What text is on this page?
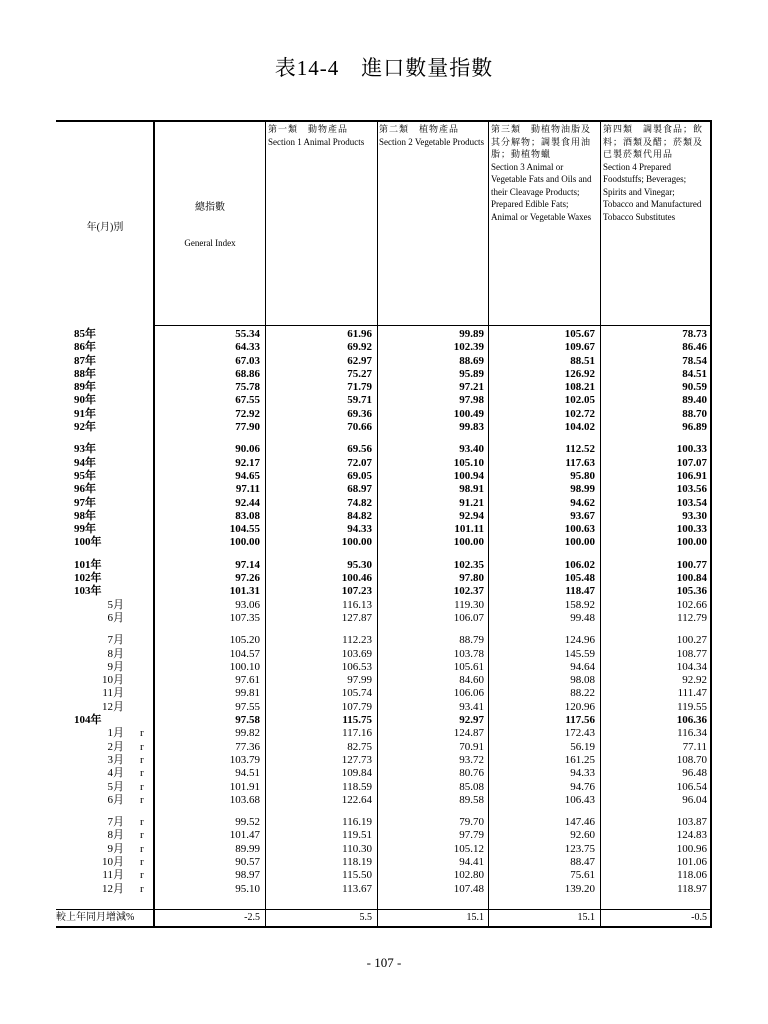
表14-4　進口數量指數
年(月)別
總指數
General Index
第一類　動物產品
Section 1 Animal Products
第二類　植物產品
Section 2 Vegetable Products
第三類　動植物油脂及其分解物；調製食用油脂；動植物蠟
Section 3 Animal or Vegetable Fats and Oils and their Cleavage Products; Prepared Edible Fats; Animal or Vegetable Waxes
第四類　調製食品；飲料；酒類及醋；菸類及已製菸類代用品
Section 4 Prepared Foodstuffs; Beverages; Spirits and Vinegar; Tobacco and Manufactured Tobacco Substitutes
85年	55.34	61.96	99.89	105.67	78.73
86年	64.33	69.92	102.39	109.67	86.46
87年	67.03	62.97	88.69	88.51	78.54
88年	68.86	75.27	95.89	126.92	84.51
89年	75.78	71.79	97.21	108.21	90.59
90年	67.55	59.71	97.98	102.05	89.40
91年	72.92	69.36	100.49	102.72	88.70
92年	77.90	70.66	99.83	104.02	96.89
93年	90.06	69.56	93.40	112.52	100.33
94年	92.17	72.07	105.10	117.63	107.07
95年	94.65	69.05	100.94	95.80	106.91
96年	97.11	68.97	98.91	98.99	103.56
97年	92.44	74.82	91.21	94.62	103.54
98年	83.08	84.82	92.94	93.67	93.30
99年	104.55	94.33	101.11	100.63	100.33
100年	100.00	100.00	100.00	100.00	100.00
101年	97.14	95.30	102.35	106.02	100.77
102年	97.26	100.46	97.80	105.48	100.84
103年	101.31	107.23	102.37	118.47	105.36
5月	93.06	116.13	119.30	158.92	102.66
6月	107.35	127.87	106.07	99.48	112.79
7月	105.20	112.23	88.79	124.96	100.27
8月	104.57	103.69	103.78	145.59	108.77
9月	100.10	106.53	105.61	94.64	104.34
10月	97.61	97.99	84.60	98.08	92.92
11月	99.81	105.74	106.06	88.22	111.47
12月	97.55	107.79	93.41	120.96	119.55
104年	97.58	115.75	92.97	117.56	106.36
1月 r	99.82	117.16	124.87	172.43	116.34
2月 r	77.36	82.75	70.91	56.19	77.11
3月 r	103.79	127.73	93.72	161.25	108.70
4月 r	94.51	109.84	80.76	94.33	96.48
5月 r	101.91	118.59	85.08	94.76	106.54
6月 r	103.68	122.64	89.58	106.43	96.04
7月 r	99.52	116.19	79.70	147.46	103.87
8月 r	101.47	119.51	97.79	92.60	124.83
9月 r	89.99	110.30	105.12	123.75	100.96
10月 r	90.57	118.19	94.41	88.47	101.06
11月 r	98.97	115.50	102.80	75.61	118.06
12月 r	95.10	113.67	107.48	139.20	118.97
較上年同月增減%	-2.5	5.5	15.1	15.1	-0.5
- 107 -
